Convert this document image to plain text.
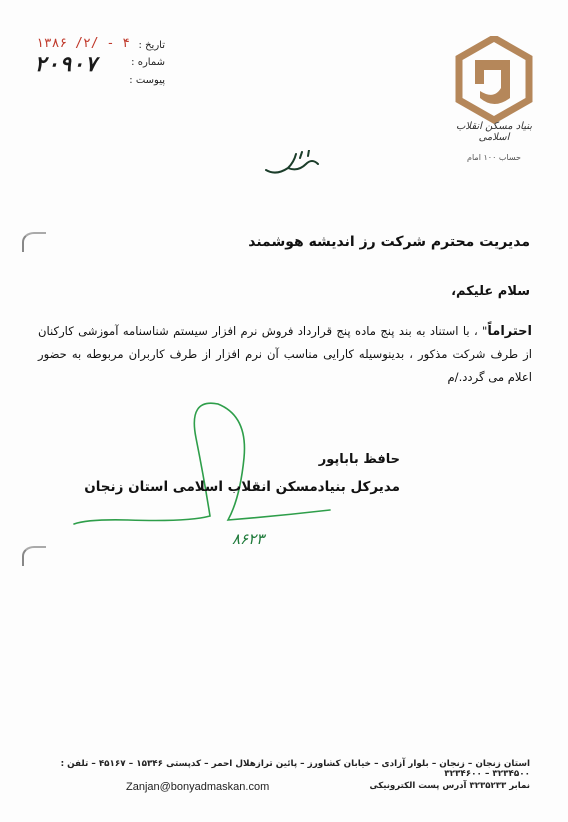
بنیاد مسکن انقلاب اسلامی
حساب ۱۰۰ امام
تاریخ :
۱۳۸۶ /۲/ - ۴
شماره :
۲۰۹۰۷
پیوست :
مدیریت محترم شرکت رز اندیشه هوشمند
سلام علیکم،
احتراماً" ، با استناد به بند پنج ماده پنج قرارداد فروش نرم افزار سیستم شناسنامه آموزشی کارکنان از طرف شرکت مذکور ، بدینوسیله کارایی مناسب آن نرم افزار از طرف کاربران مربوطه به حضور اعلام می گردد./م
حافظ باباپور
مدیرکل بنیادمسکن انقلاب اسلامی استان زنجان
۸۶۲۳
استان زنجان – زنجان – بلوار آزادی – خیابان کشاورز – پائین ترازهلال احمر – کدپستی ۱۵۳۴۶ – ۴۵۱۶۷ – تلفن : ۳۲۳۴۵۰۰ – ۳۲۳۴۶۰۰
نمابر ۳۲۳۵۲۳۳ آدرس پست الکترونیکی
Zanjan@bonyadmaskan.com
